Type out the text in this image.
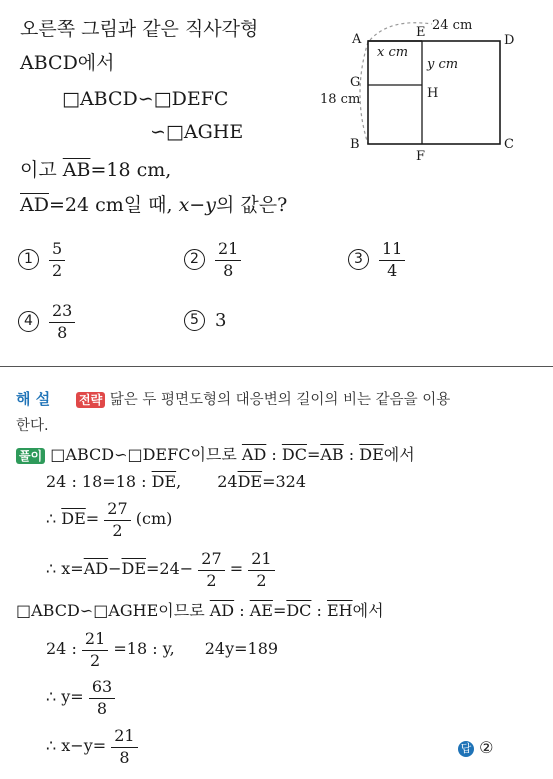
오른쪽 그림과 같은 직사각형
ABCD에서
□ABCD∽□DEFC
∽□AGHE
이고 $\overline{AB}=18$ cm,
$\overline{AD}=24$ cm일 때, x−y의 값은?
A	E
D
G
H
B
F
C
x cm
y cm
24 cm
18 cm
1	$\frac{5}{2}$	2	$\frac{21}{8}$	3	$\frac{11}{4}$
4	$\frac{23}{8}$	5 3
해 설 전략 닮은 두 평면도형의 대응변의 길이의 비는 같음을 이용
한다.
풀이 □ABCD∽□DEFC이므로 $\overline{AD}$ : $\overline{DC}=\overline{AB}$ : $\overline{DE}$에서
24 : 18=18 : $\overline{DE}$, $24\overline{DE}=324$
∴ $\overline{DE}= \frac{27}{2} (cm)$
∴ $x=\overline{AD}-\overline{DE}=24- \frac{27}{2} = \frac{21}{2}$
□ABCD∽□AGHE이므로 $\overline{AD}$ : $\overline{AE}=\overline{DC}$ : $\overline{EH}$에서
24 : $\frac{21}{2} =18$ : y, 24y=189
∴ $y= \frac{63}{8}$
∴ $x-y= \frac{21}{8}$	답 ②
